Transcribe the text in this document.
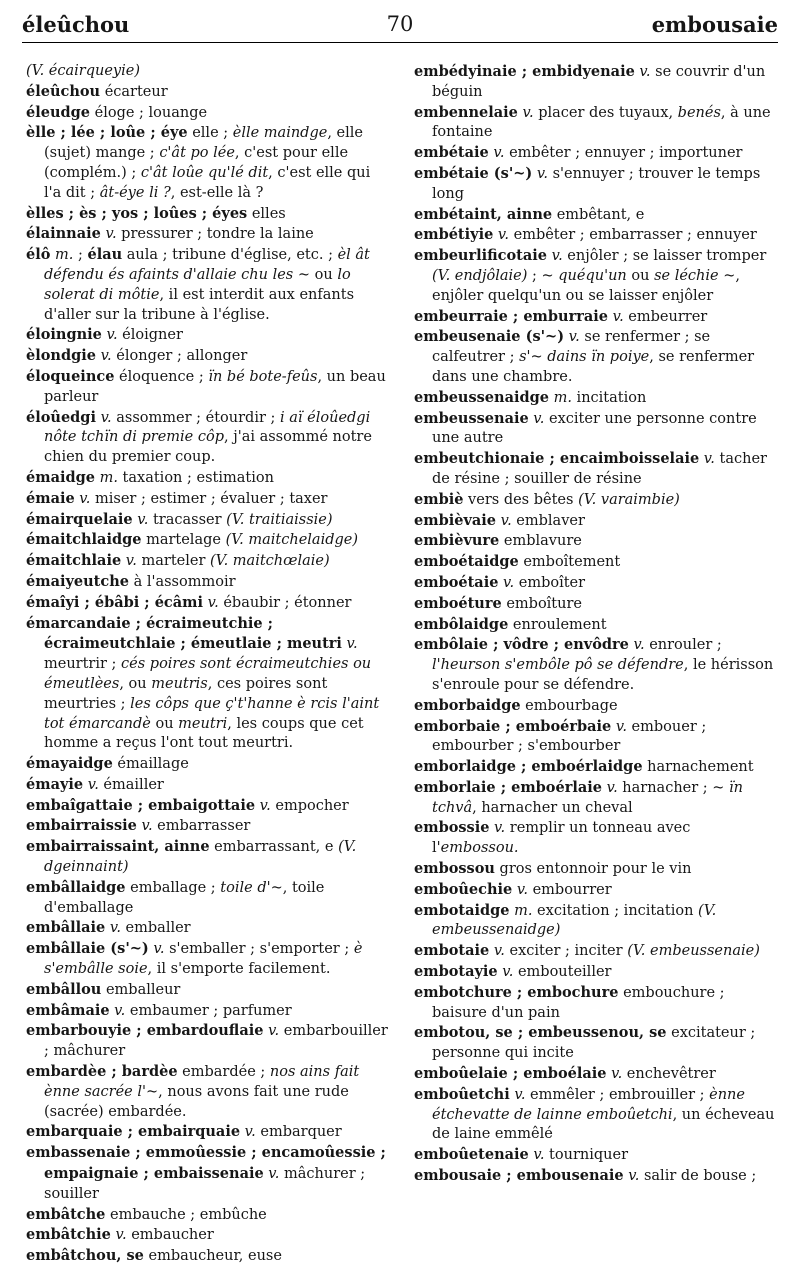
éleûchou	70	embousaie

(V. écairqueyie)

éleûchou écarteur

éleudge éloge ; louange

èlle ; lée ; loûe ; éye elle ; èlle maindge, elle (sujet) mange ; c'ât po lée, c'est pour elle (complém.) ; c'ât loûe qu'lé dit, c'est elle qui l'a dit ; ât-éye li ?, est-elle là ?

èlles ; ès ; yos ; loûes ; éyes elles

élainnaie v. pressurer ; tondre la laine

élô m. ; élau aula ; tribune d'église, etc. ; èl ât défendu és afaints d'allaie chu les ~ ou lo solerat di môtie, il est interdit aux enfants d'aller sur la tribune à l'église.

éloingnie v. éloigner

èlondgie v. élonger ; allonger

éloqueince éloquence ; ïn bé bote-feûs, un beau parleur

éloûedgi v. assommer ; étourdir ; i aï éloûedgi nôte tchïn di premie côp, j'ai assommé notre chien du premier coup.

émaidge m. taxation ; estimation

émaie v. miser ; estimer ; évaluer ; taxer

émairquelaie v. tracasser (V. traitiaissie)

émaitchlaidge martelage (V. maitchelaidge)

émaitchlaie v. marteler (V. maitchœlaie)

émaiyeutche à l'assommoir

émaîyi ; ébâbi ; écâmi v. ébaubir ; étonner

émarcandaie ; écraimeutchie ; écraimeutchlaie ; émeutlaie ; meutri v. meurtrir ; cés poires sont écraimeutchies ou émeutlèes, ou meutris, ces poires sont meurtries ; les côps que ç't'hanne è rcis l'aint tot émarcandè ou meutri, les coups que cet homme a reçus l'ont tout meurtri.

émayaidge émaillage

émayie v. émailler

embaîgattaie ; embaigottaie v. empocher

embairraissie v. embarrasser

embairraissaint, ainne embarrassant, e (V. dgeinnaint)

embâllaidge emballage ; toile d'~, toile d'emballage

embâllaie v. emballer

embâllaie (s'~) v. s'emballer ; s'emporter ; è s'embâlle soie, il s'emporte facilement.

embâllou emballeur

embâmaie v. embaumer ; parfumer

embarbouyie ; embardouflaie v. embarbouiller ; mâchurer

embardèe ; bardèe embardée ; nos ains fait ènne sacrée l'~, nous avons fait une rude (sacrée) embardée.

embarquaie ; embairquaie v. embarquer

embassenaie ; emmoûessie ; encamoûessie ; empaignaie ; embaissenaie v. mâchurer ; souiller

embâtche embauche ; embûche

embâtchie v. embaucher

embâtchou, se embaucheur, euse

embédyinaie ; embidyenaie v. se couvrir d'un béguin

embennelaie v. placer des tuyaux, benés, à une fontaine

embétaie v. embêter ; ennuyer ; importuner

embétaie (s'~) v. s'ennuyer ; trouver le temps long

embétaint, ainne embêtant, e

embétiyie v. embêter ; embarrasser ; ennuyer

embeurlificotaie v. enjôler ; se laisser tromper (V. endjôlaie) ; ~ quéqu'un ou se léchie ~, enjôler quelqu'un ou se laisser enjôler

embeurraie ; emburraie v. embeurrer

embeusenaie (s'~) v. se renfermer ; se calfeutrer ; s'~ dains ïn poiye, se renfermer dans une chambre.

embeussenaidge m. incitation

embeussenaie v. exciter une personne contre une autre

embeutchionaie ; encaimboisselaie v. tacher de résine ; souiller de résine

embiè vers des bêtes (V. varaimbie)

embièvaie v. emblaver

embièvure emblavure

emboétaidge emboîtement

emboétaie v. emboîter

emboéture emboîture

embôlaidge enroulement

embôlaie ; vôdre ; envôdre v. enrouler ; l'heurson s'embôle pô se défendre, le hérisson s'enroule pour se défendre.

emborbaidge embourbage

emborbaie ; emboérbaie v. embouer ; embourber ; s'embourber

emborlaidge ; emboérlaidge harnachement

emborlaie ; emboérlaie v. harnacher ; ~ ïn tchvâ, harnacher un cheval

embossie v. remplir un tonneau avec l'embossou.

embossou gros entonnoir pour le vin

emboûechie v. embourrer

embotaidge m. excitation ; incitation (V. embeussenaidge)

embotaie v. exciter ; inciter (V. embeussenaie)

embotayie v. embouteiller

embotchure ; embochure embouchure ; baisure d'un pain

embotou, se ; embeussenou, se excitateur ; personne qui incite

emboûelaie ; emboélaie v. enchevêtrer

emboûetchi v. emmêler ; embrouiller ; ènne étchevatte de lainne emboûetchi, un écheveau de laine emmêlé

emboûetenaie v. tourniquer

embousaie ; embousenaie v. salir de bouse ;
